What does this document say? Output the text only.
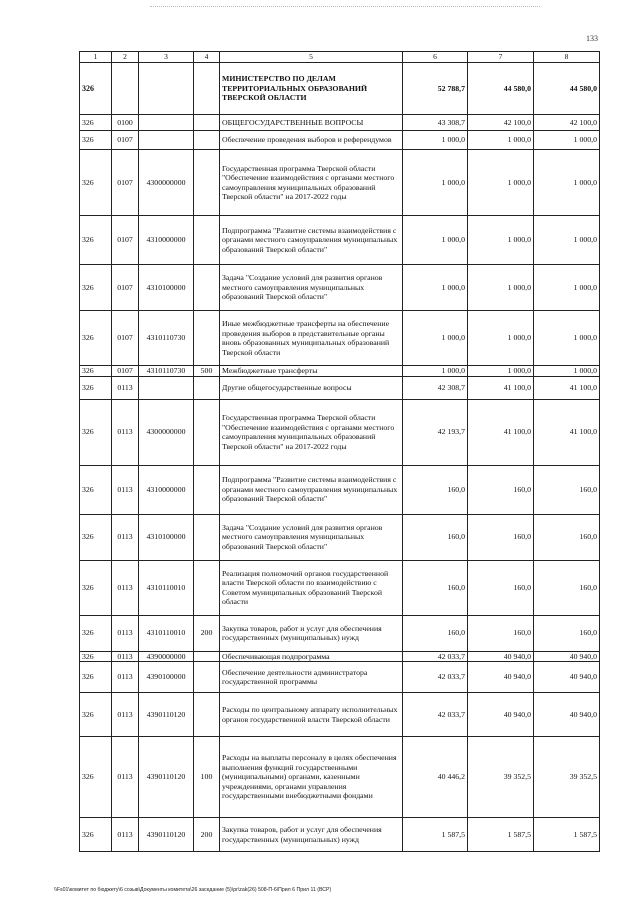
133
1	2	3	4	5	6	7	8
326				МИНИСТЕРСТВО ПО ДЕЛАМ ТЕРРИТОРИАЛЬНЫХ ОБРАЗОВАНИЙ ТВЕРСКОЙ ОБЛАСТИ	52 788,7	44 580,0	44 580,0
326	0100			ОБЩЕГОСУДАРСТВЕННЫЕ ВОПРОСЫ	43 308,7	42 100,0	42 100,0
326	0107			Обеспечение проведения выборов и референдумов	1 000,0	1 000,0	1 000,0
326	0107	4300000000		Государственная программа Тверской области "Обеспечение взаимодействия с органами местного самоуправления муниципальных образований Тверской области" на 2017-2022 годы	1 000,0	1 000,0	1 000,0
326	0107	4310000000		Подпрограмма "Развитие системы взаимодействия с органами местного самоуправления муниципальных образований Тверской области"	1 000,0	1 000,0	1 000,0
326	0107	4310100000		Задача "Создание условий для развития органов местного самоуправления муниципальных образований Тверской области"	1 000,0	1 000,0	1 000,0
326	0107	4310110730		Иные межбюджетные трансферты на обеспечение проведения выборов в представительные органы вновь образованных муниципальных образований Тверской области	1 000,0	1 000,0	1 000,0
326	0107	4310110730	500	Межбюджетные трансферты	1 000,0	1 000,0	1 000,0
326	0113			Другие общегосударственные вопросы	42 308,7	41 100,0	41 100,0
326	0113	4300000000		Государственная программа Тверской области "Обеспечение взаимодействия с органами местного самоуправления муниципальных образований Тверской области" на 2017-2022 годы	42 193,7	41 100,0	41 100,0
326	0113	4310000000		Подпрограмма "Развитие системы взаимодействия с органами местного самоуправления муниципальных образований Тверской области"	160,0	160,0	160,0
326	0113	4310100000		Задача "Создание условий для развития органов местного самоуправления муниципальных образований Тверской области"	160,0	160,0	160,0
326	0113	4310110010		Реализация полномочий органов государственной власти Тверской области по взаимодействию с Советом муниципальных образований Тверской области	160,0	160,0	160,0
326	0113	4310110010	200	Закупка товаров, работ и услуг для обеспечения государственных (муниципальных) нужд	160,0	160,0	160,0
326	0113	4390000000		Обеспечивающая подпрограмма	42 033,7	40 940,0	40 940,0
326	0113	4390100000		Обеспечение деятельности администратора государственной программы	42 033,7	40 940,0	40 940,0
326	0113	4390110120		Расходы по центральному аппарату исполнительных органов государственной власти Тверской области	42 033,7	40 940,0	40 940,0
326	0113	4390110120	100	Расходы на выплаты персоналу в целях обеспечения выполнения функций государственными (муниципальными) органами, казенными учреждениями, органами управления государственными внебюджетными фондами	40 446,2	39 352,5	39 352,5
326	0113	4390110120	200	Закупка товаров, работ и услуг для обеспечения государственных (муниципальных) нужд	1 587,5	1 587,5	1 587,5
\\Fs01\комитет по бюджету\6 созыв\Документы комитета\26 заседание (5)\pr\zak(26) 508-П-6\Прил 6 Прил 11 (ВСР)
